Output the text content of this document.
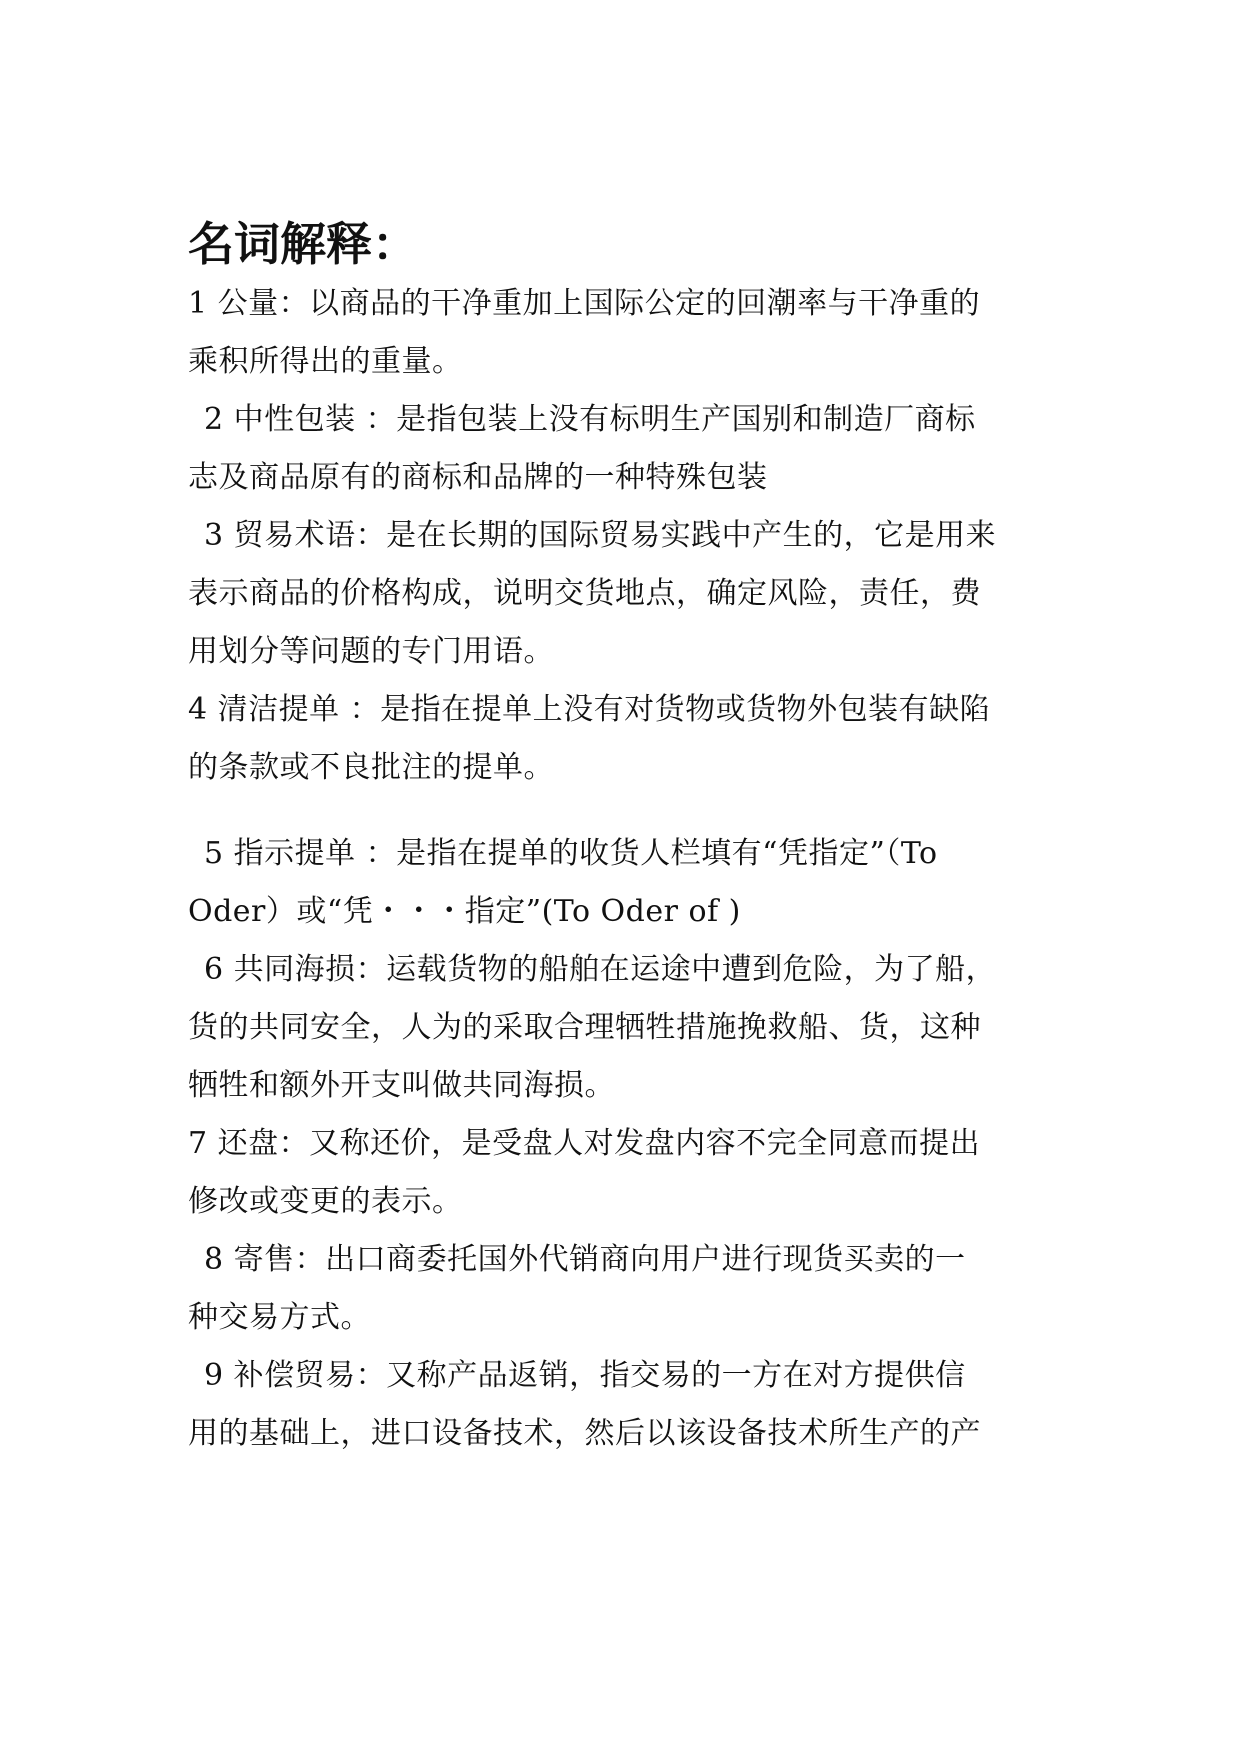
名词解释：
1 公量：以商品的干净重加上国际公定的回潮率与干净重的
乘积所得出的重量。
2 中性包装 ：是指包装上没有标明生产国别和制造厂商标
志及商品原有的商标和品牌的一种特殊包装
3 贸易术语：是在长期的国际贸易实践中产生的，它是用来
表示商品的价格构成，说明交货地点，确定风险，责任，费
用划分等问题的专门用语。
4 清洁提单 ：是指在提单上没有对货物或货物外包装有缺陷
的条款或不良批注的提单。
5 指示提单 ：是指在提单的收货人栏填有“凭指定”（To
Oder）或“凭・・・指定”(To Oder of )
6 共同海损：运载货物的船舶在运途中遭到危险，为了船，
货的共同安全，人为的采取合理牺牲措施挽救船、货，这种
牺牲和额外开支叫做共同海损。
7 还盘：又称还价，是受盘人对发盘内容不完全同意而提出
修改或变更的表示。
8 寄售：出口商委托国外代销商向用户进行现货买卖的一
种交易方式。
9 补偿贸易：又称产品返销，指交易的一方在对方提供信
用的基础上，进口设备技术，然后以该设备技术所生产的产
